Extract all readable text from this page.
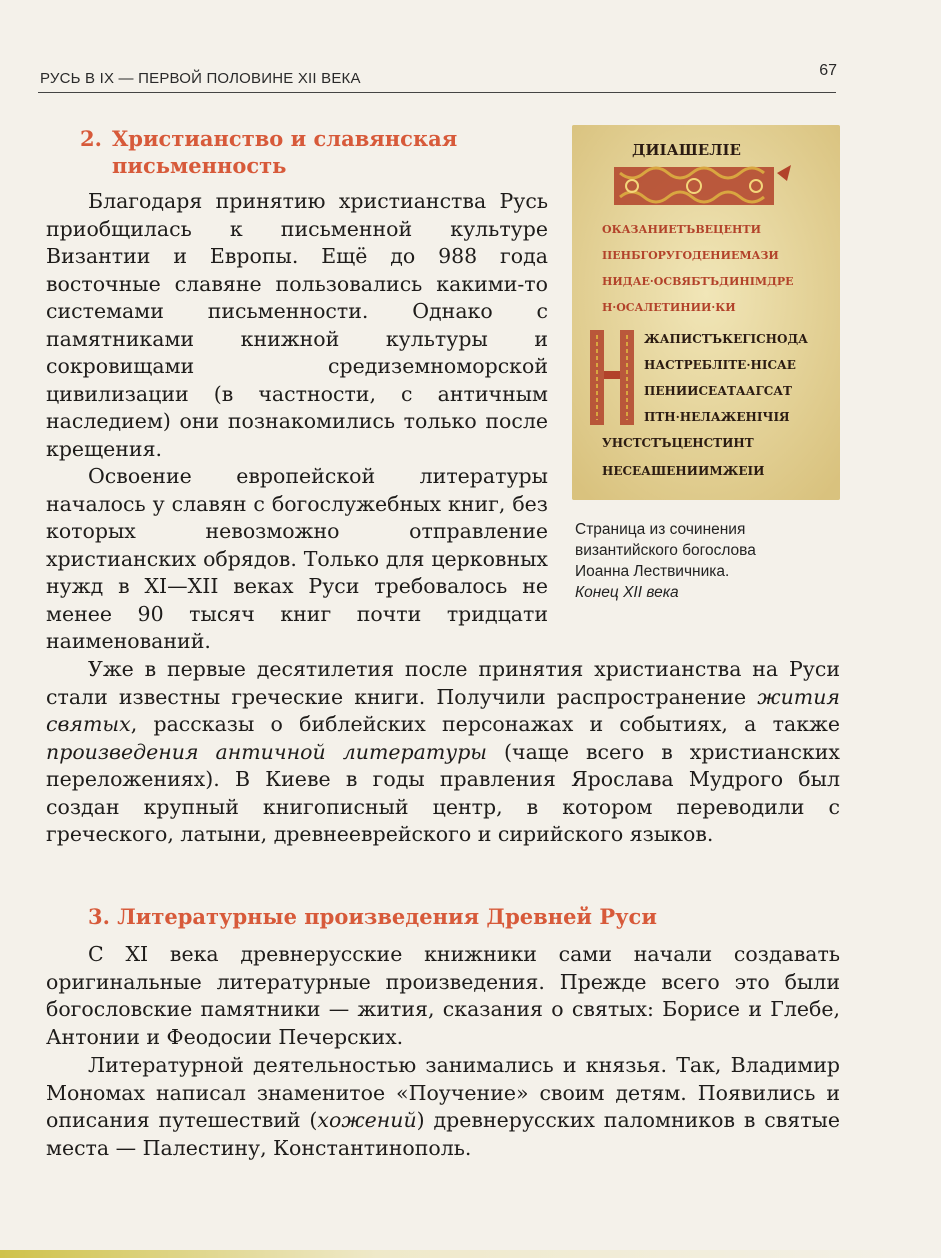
РУСЬ В IX — ПЕРВОЙ ПОЛОВИНЕ XII ВЕКА	67
2. Христианство и славянская
письменность

Благодаря принятию христианства Русь приобщилась к письменной культуре Византии и Европы. Ещё до 988 года восточные славяне пользовались какими-то системами письменности. Однако с памятниками книжной культуры и сокровищами средиземноморской цивилизации (в частности, с античным наследием) они познакомились только после крещения.

Освоение европейской литературы началось у славян с богослужебных книг, без которых невозможно отправление христианских обрядов. Только для церковных нужд в XI—XII веках Руси требовалось не менее 90 тысяч книг почти тридцати наименований.

Уже в первые десятилетия после принятия христианства на Руси стали известны греческие книги. Получили распространение жития святых, рассказы о библейских персонажах и событиях, а также произведения античной литературы (чаще всего в христианских переложениях). В Киеве в годы правления Ярослава Мудрого был создан крупный книгописный центр, в котором переводили с греческого, латыни, древнееврейского и сирийского языков.

3. Литературные произведения Древней Руси

С XI века древнерусские книжники сами начали создавать оригинальные литературные произведения. Прежде всего это были богословские памятники — жития, сказания о святых: Борисе и Глебе, Антонии и Феодосии Печерских.

Литературной деятельностью занимались и князья. Так, Владимир Мономах написал знаменитое «Поучение» своим детям. Появились и описания путешествий (хожений) древнерусских паломников в святые места — Палестину, Константинополь.

ДИІАШЕЛІЕ
ОКАЗАНИЕТЪВЕЦЕНТИ
ІІЕНБГОРУГОДЕНИЕМАЗИ
НИДАЕ·ОСВЯБТЪДИНІМДРЕ
Н·ОСАЛЕТИНИИ·КИ
ЖАПИСТЪКЕГІСНОДА
НАСТРЕБЛІТЕ·НІСАЕ
ПЕНИИСЕАТААГСАТ
ПТН·НЕЛАЖЕНІЧІЯ
УНСТСТЪЦЕНСТИНТ
НЕСЕАШЕНИИМЖЕІИ
Страница из сочинения
византийского богослова
Иоанна Лествичника.
Конец XII века
